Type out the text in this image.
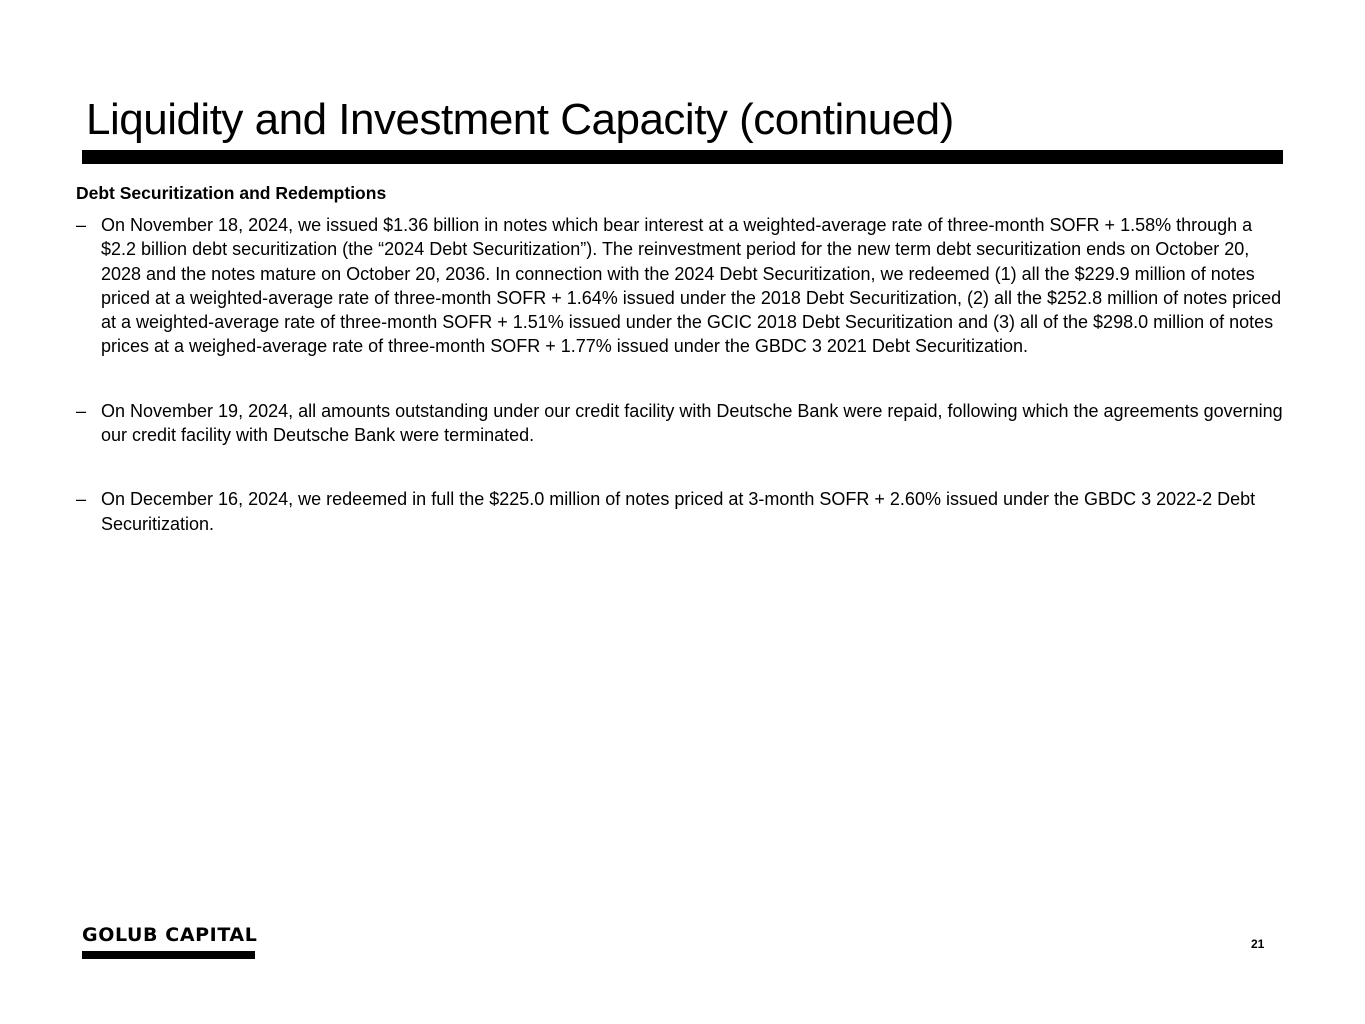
Liquidity and Investment Capacity (continued)
Debt Securitization and Redemptions
– On November 18, 2024, we issued $1.36 billion in notes which bear interest at a weighted-average rate of three-month SOFR + 1.58% through a $2.2 billion debt securitization (the “2024 Debt Securitization”). The reinvestment period for the new term debt securitization ends on October 20, 2028 and the notes mature on October 20, 2036. In connection with the 2024 Debt Securitization, we redeemed (1) all the $229.9 million of notes priced at a weighted-average rate of three-month SOFR + 1.64% issued under the 2018 Debt Securitization, (2) all the $252.8 million of notes priced at a weighted-average rate of three-month SOFR + 1.51% issued under the GCIC 2018 Debt Securitization and (3) all of the $298.0 million of notes prices at a weighed-average rate of three-month SOFR + 1.77% issued under the GBDC 3 2021 Debt Securitization.
– On November 19, 2024, all amounts outstanding under our credit facility with Deutsche Bank were repaid, following which the agreements governing our credit facility with Deutsche Bank were terminated.
– On December 16, 2024, we redeemed in full the $225.0 million of notes priced at 3-month SOFR + 2.60% issued under the GBDC 3 2022-2 Debt Securitization.
GOLUB CAPITAL	21
